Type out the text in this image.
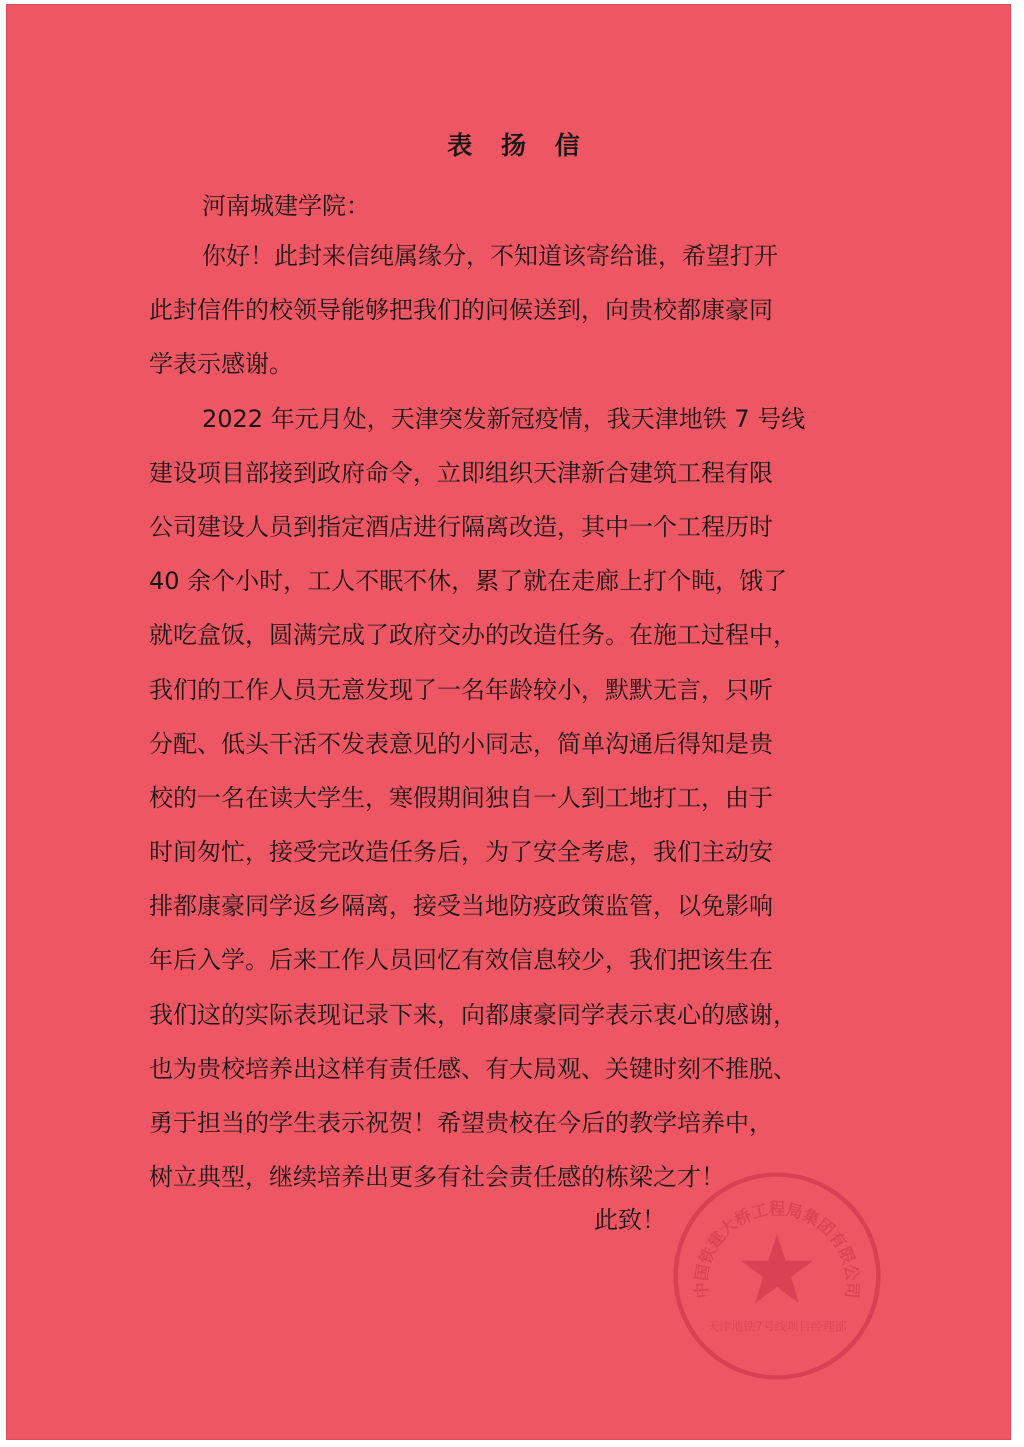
表 扬 信
河南城建学院：
你好！此封来信纯属缘分，不知道该寄给谁，希望打开
此封信件的校领导能够把我们的问候送到，向贵校都康豪同
学表示感谢。
2022 年元月处，天津突发新冠疫情，我天津地铁 7 号线
建设项目部接到政府命令，立即组织天津新合建筑工程有限
公司建设人员到指定酒店进行隔离改造，其中一个工程历时
40 余个小时，工人不眠不休，累了就在走廊上打个盹，饿了
就吃盒饭，圆满完成了政府交办的改造任务。在施工过程中，
我们的工作人员无意发现了一名年龄较小，默默无言，只听
分配、低头干活不发表意见的小同志，简单沟通后得知是贵
校的一名在读大学生，寒假期间独自一人到工地打工，由于
时间匆忙，接受完改造任务后，为了安全考虑，我们主动安
排都康豪同学返乡隔离，接受当地防疫政策监管，以免影响
年后入学。后来工作人员回忆有效信息较少，我们把该生在
我们这的实际表现记录下来，向都康豪同学表示衷心的感谢，
也为贵校培养出这样有责任感、有大局观、关键时刻不推脱、
勇于担当的学生表示祝贺！希望贵校在今后的教学培养中，
树立典型，继续培养出更多有社会责任感的栋梁之才！
此致！
中国铁建大桥工程局集团有限公司
天津地铁7号线项目经理部
